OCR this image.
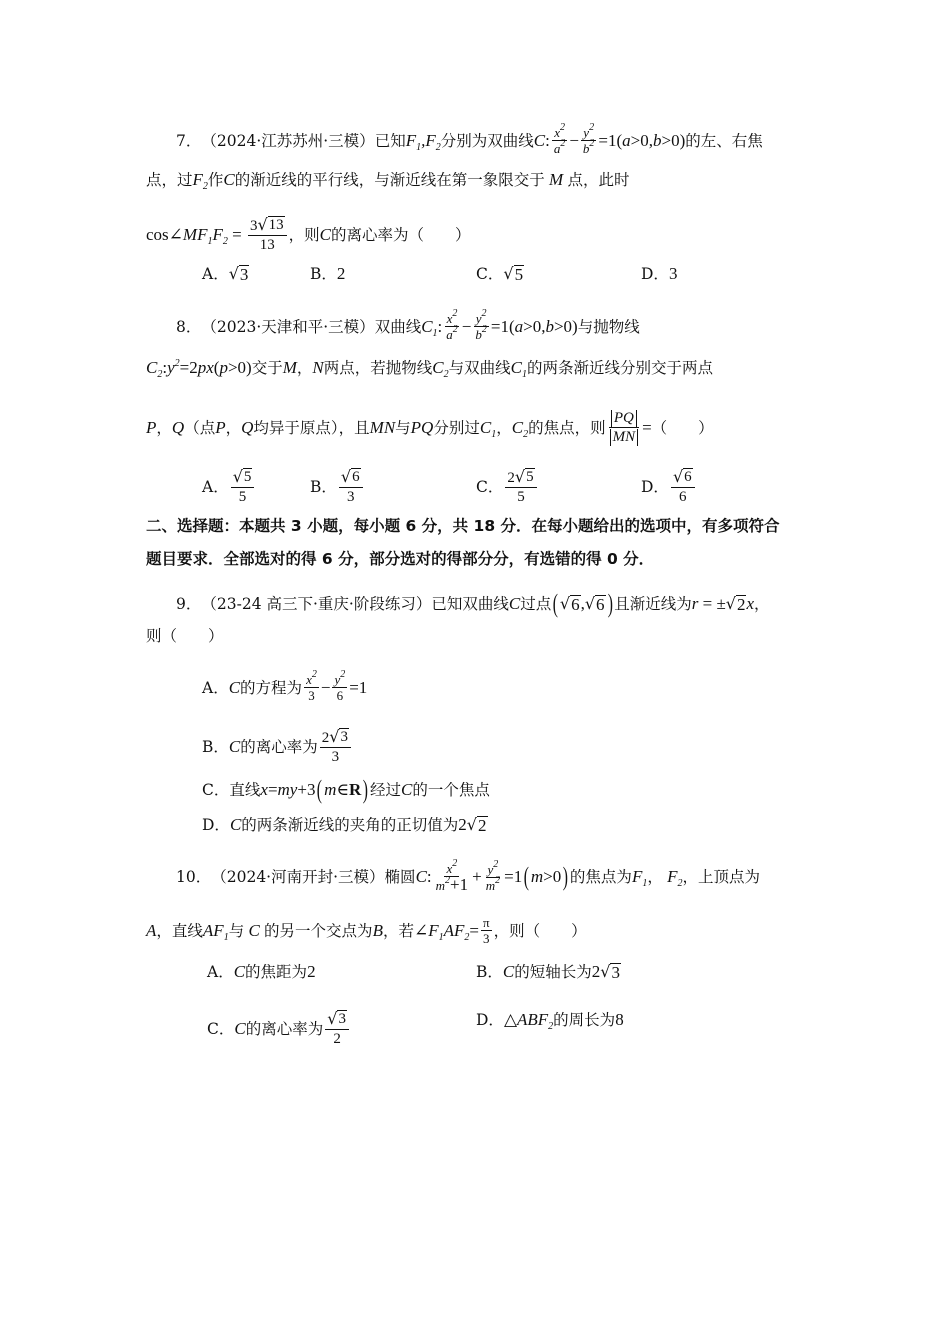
7． （2024·江苏苏州·三模） 已知 $F_1,F_2$ 分别为双曲线 C : $\frac{x^2}{a^2} - \frac{y^2}{b^2} =1$( a >0, b >0) 的左、右焦
点，过 $F_2$ 作 C 的渐近线的平行线，与渐近线在第一象限交于 M 点，此时
cos∠ $MF_1F_2 = \frac{3 √ 13}{13}$ ，则 C 的离心率为（　　）
A． √ 3	B． 2	C． √ 5	D． 3
8． （2023·天津和平·三模） 双曲线 $C_1$ : $\frac{x^2}{a^2} - \frac{y^2}{b^2} =1$( a >0, b >0) 与抛物线
$C_2$ : $y^2 =2$ px ( p >0) 交于 M ， N 两点，若抛物线 $C_2$ 与双曲线 $C_1$ 的两条渐近线分别交于两点
P ， Q （点 P ， Q 均异于原点），且 MN 与 PQ 分别过 $C_1$ ， $C_2$ 的焦点，则 $\frac{PQ}{MN}$ = （　　）
A． $\frac{√ 5}{5}$	B． $\frac{√ 6}{3}$	C． $\frac{2 √ 5}{5}$	D． $\frac{√ 6}{6}$
二、选择题：本题共 3 小题，每小题 6 分，共 18 分．在每小题给出的选项中，有多项符合
题目要求．全部选对的得 6 分，部分选对的得部分分，有选错的得 0 分．
9． （23-24 高三下·重庆·阶段练习） 已知双曲线 C 过点 ( √ 6 , √ 6 ) 且渐近线为 r = ± √ 2 x ，
则（　　）
A． C 的方程为 $\frac{x^2}{3} - \frac{y^2}{6} =1$
B． C 的离心率为 $\frac{2 √ 3}{3}$
C． 直线 x = my +3 ( m ∈ R ) 经过 C 的一个焦点
D． C 的两条渐近线的夹角的正切值为 2 √ 2
10． （2024·河南开封·三模） 椭圆 C : $\frac{x^2}{m^2+1} + \frac{y^2}{m^2} =1$ ( m >0 ) 的焦点为 $F_1$ ， $F_2$ ，上顶点为
A ，直线 $AF_1$ 与 C 的另一个交点为 B ，若 ∠ $F_1AF_2 = \frac{\pi}{3}$ ，则（　　）
A． C 的焦距为 2	B． C 的短轴长为 2 √ 3
C． C 的离心率为 $\frac{√ 3}{2}$	D． △ $ABF_2$ 的周长为 8
